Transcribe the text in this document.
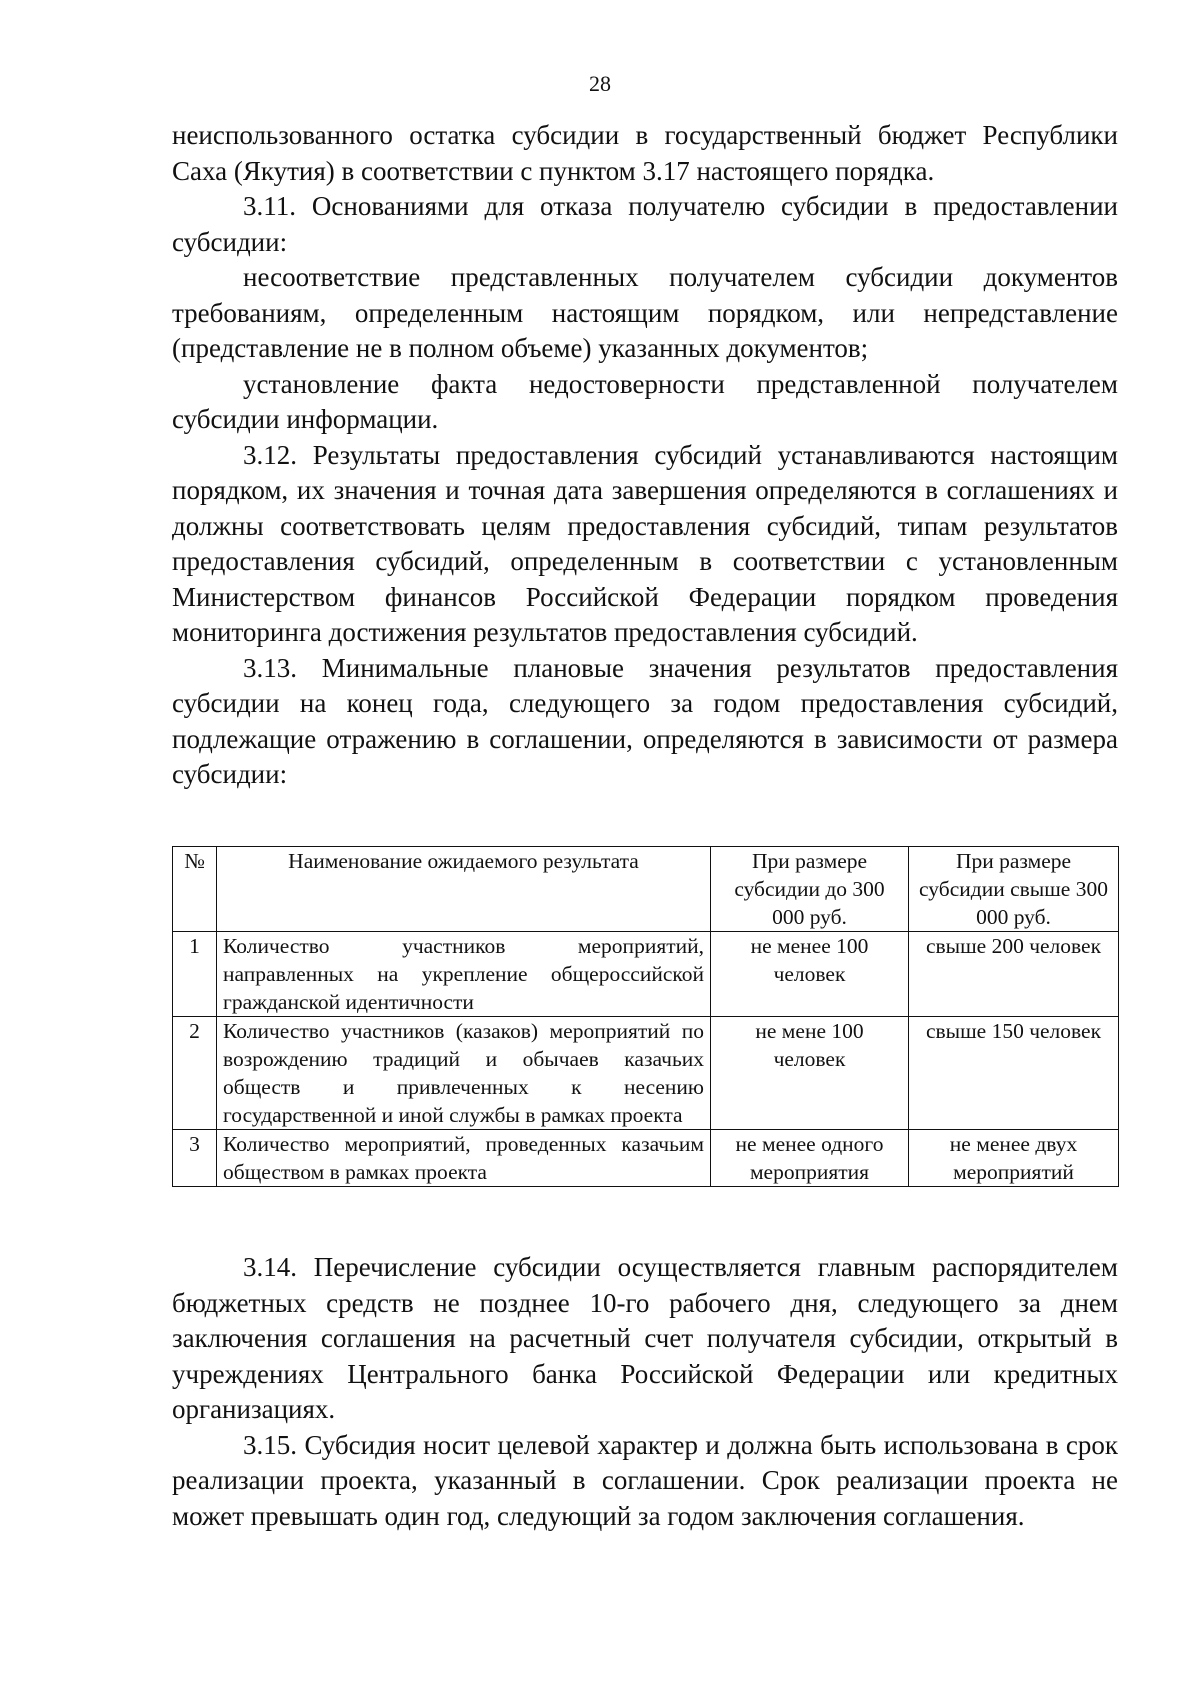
28

неиспользованного остатка субсидии в государственный бюджет Республики Саха (Якутия) в соответствии с пунктом 3.17 настоящего порядка.

3.11. Основаниями для отказа получателю субсидии в предоставлении субсидии:

несоответствие представленных получателем субсидии документов требованиям, определенным настоящим порядком, или непредставление (представление не в полном объеме) указанных документов;

установление факта недостоверности представленной получателем субсидии информации.

3.12. Результаты предоставления субсидий устанавливаются настоящим порядком, их значения и точная дата завершения определяются в соглашениях и должны соответствовать целям предоставления субсидий, типам результатов предоставления субсидий, определенным в соответствии с установленным Министерством финансов Российской Федерации порядком проведения мониторинга достижения результатов предоставления субсидий.

3.13. Минимальные плановые значения результатов предоставления субсидии на конец года, следующего за годом предоставления субсидий, подлежащие отражению в соглашении, определяются в зависимости от размера субсидии:

№	Наименование ожидаемого результата	При размере субсидии до 300 000 руб.	При размере субсидии свыше 300 000 руб.
1	Количество участников мероприятий, направленных на укрепление общероссийской гражданской идентичности	не менее 100 человек	свыше 200 человек
2	Количество участников (казаков) мероприятий по возрождению традиций и обычаев казачьих обществ и привлеченных к несению государственной и иной службы в рамках проекта	не мене 100 человек	свыше 150 человек
3	Количество мероприятий, проведенных казачьим обществом в рамках проекта	не менее одного мероприятия	не менее двух мероприятий

3.14. Перечисление субсидии осуществляется главным распорядителем бюджетных средств не позднее 10-го рабочего дня, следующего за днем заключения соглашения на расчетный счет получателя субсидии, открытый в учреждениях Центрального банка Российской Федерации или кредитных организациях.

3.15. Субсидия носит целевой характер и должна быть использована в срок реализации проекта, указанный в соглашении. Срок реализации проекта не может превышать один год, следующий за годом заключения соглашения.
